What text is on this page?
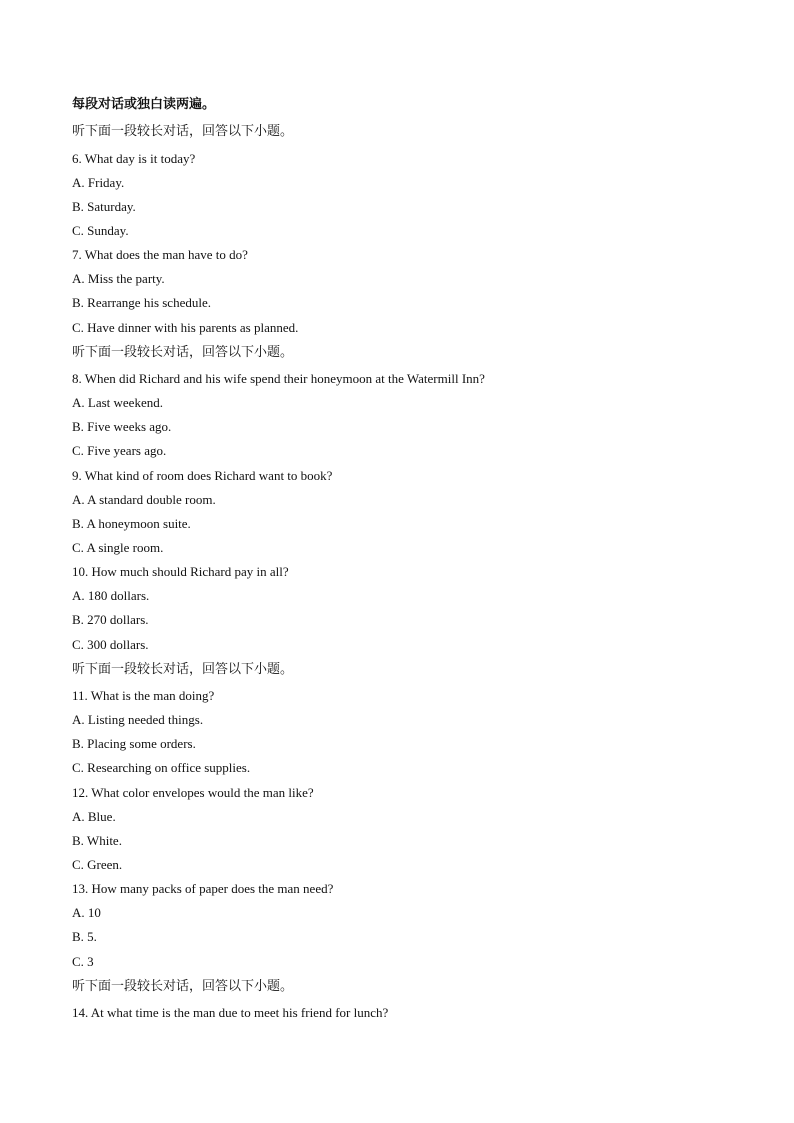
每段对话或独白读两遍。
听下面一段较长对话，回答以下小题。
6. What day is it today?
A. Friday.
B. Saturday.
C. Sunday.
7. What does the man have to do?
A. Miss the party.
B. Rearrange his schedule.
C. Have dinner with his parents as planned.
听下面一段较长对话，回答以下小题。
8. When did Richard and his wife spend their honeymoon at the Watermill Inn?
A. Last weekend.
B. Five weeks ago.
C. Five years ago.
9. What kind of room does Richard want to book?
A. A standard double room.
B. A honeymoon suite.
C. A single room.
10. How much should Richard pay in all?
A. 180 dollars.
B. 270 dollars.
C. 300 dollars.
听下面一段较长对话，回答以下小题。
11. What is the man doing?
A. Listing needed things.
B. Placing some orders.
C. Researching on office supplies.
12. What color envelopes would the man like?
A. Blue.
B. White.
C. Green.
13. How many packs of paper does the man need?
A. 10
B. 5.
C. 3
听下面一段较长对话，回答以下小题。
14. At what time is the man due to meet his friend for lunch?
